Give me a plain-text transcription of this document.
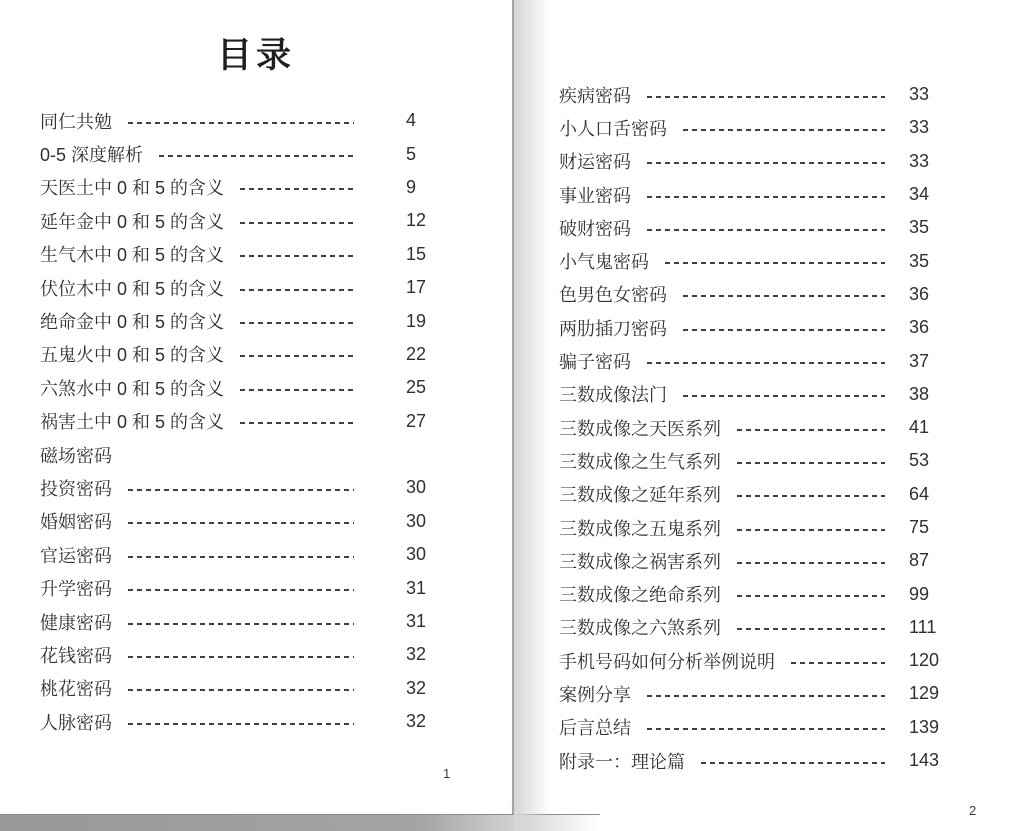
目录
同仁共勉	4
0-5 深度解析	5
天医土中 0 和 5 的含义	9
延年金中 0 和 5 的含义	12
生气木中 0 和 5 的含义	15
伏位木中 0 和 5 的含义	17
绝命金中 0 和 5 的含义	19
五鬼火中 0 和 5 的含义	22
六煞水中 0 和 5 的含义	25
祸害土中 0 和 5 的含义	27
磁场密码
投资密码	30
婚姻密码	30
官运密码	30
升学密码	31
健康密码	31
花钱密码	32
桃花密码	32
人脉密码	32
1
疾病密码	33
小人口舌密码	33
财运密码	33
事业密码	34
破财密码	35
小气鬼密码	35
色男色女密码	36
两肋插刀密码	36
骗子密码	37
三数成像法门	38
三数成像之天医系列	41
三数成像之生气系列	53
三数成像之延年系列	64
三数成像之五鬼系列	75
三数成像之祸害系列	87
三数成像之绝命系列	99
三数成像之六煞系列	111
手机号码如何分析举例说明	120
案例分享	129
后言总结	139
附录一：理论篇	143
2
